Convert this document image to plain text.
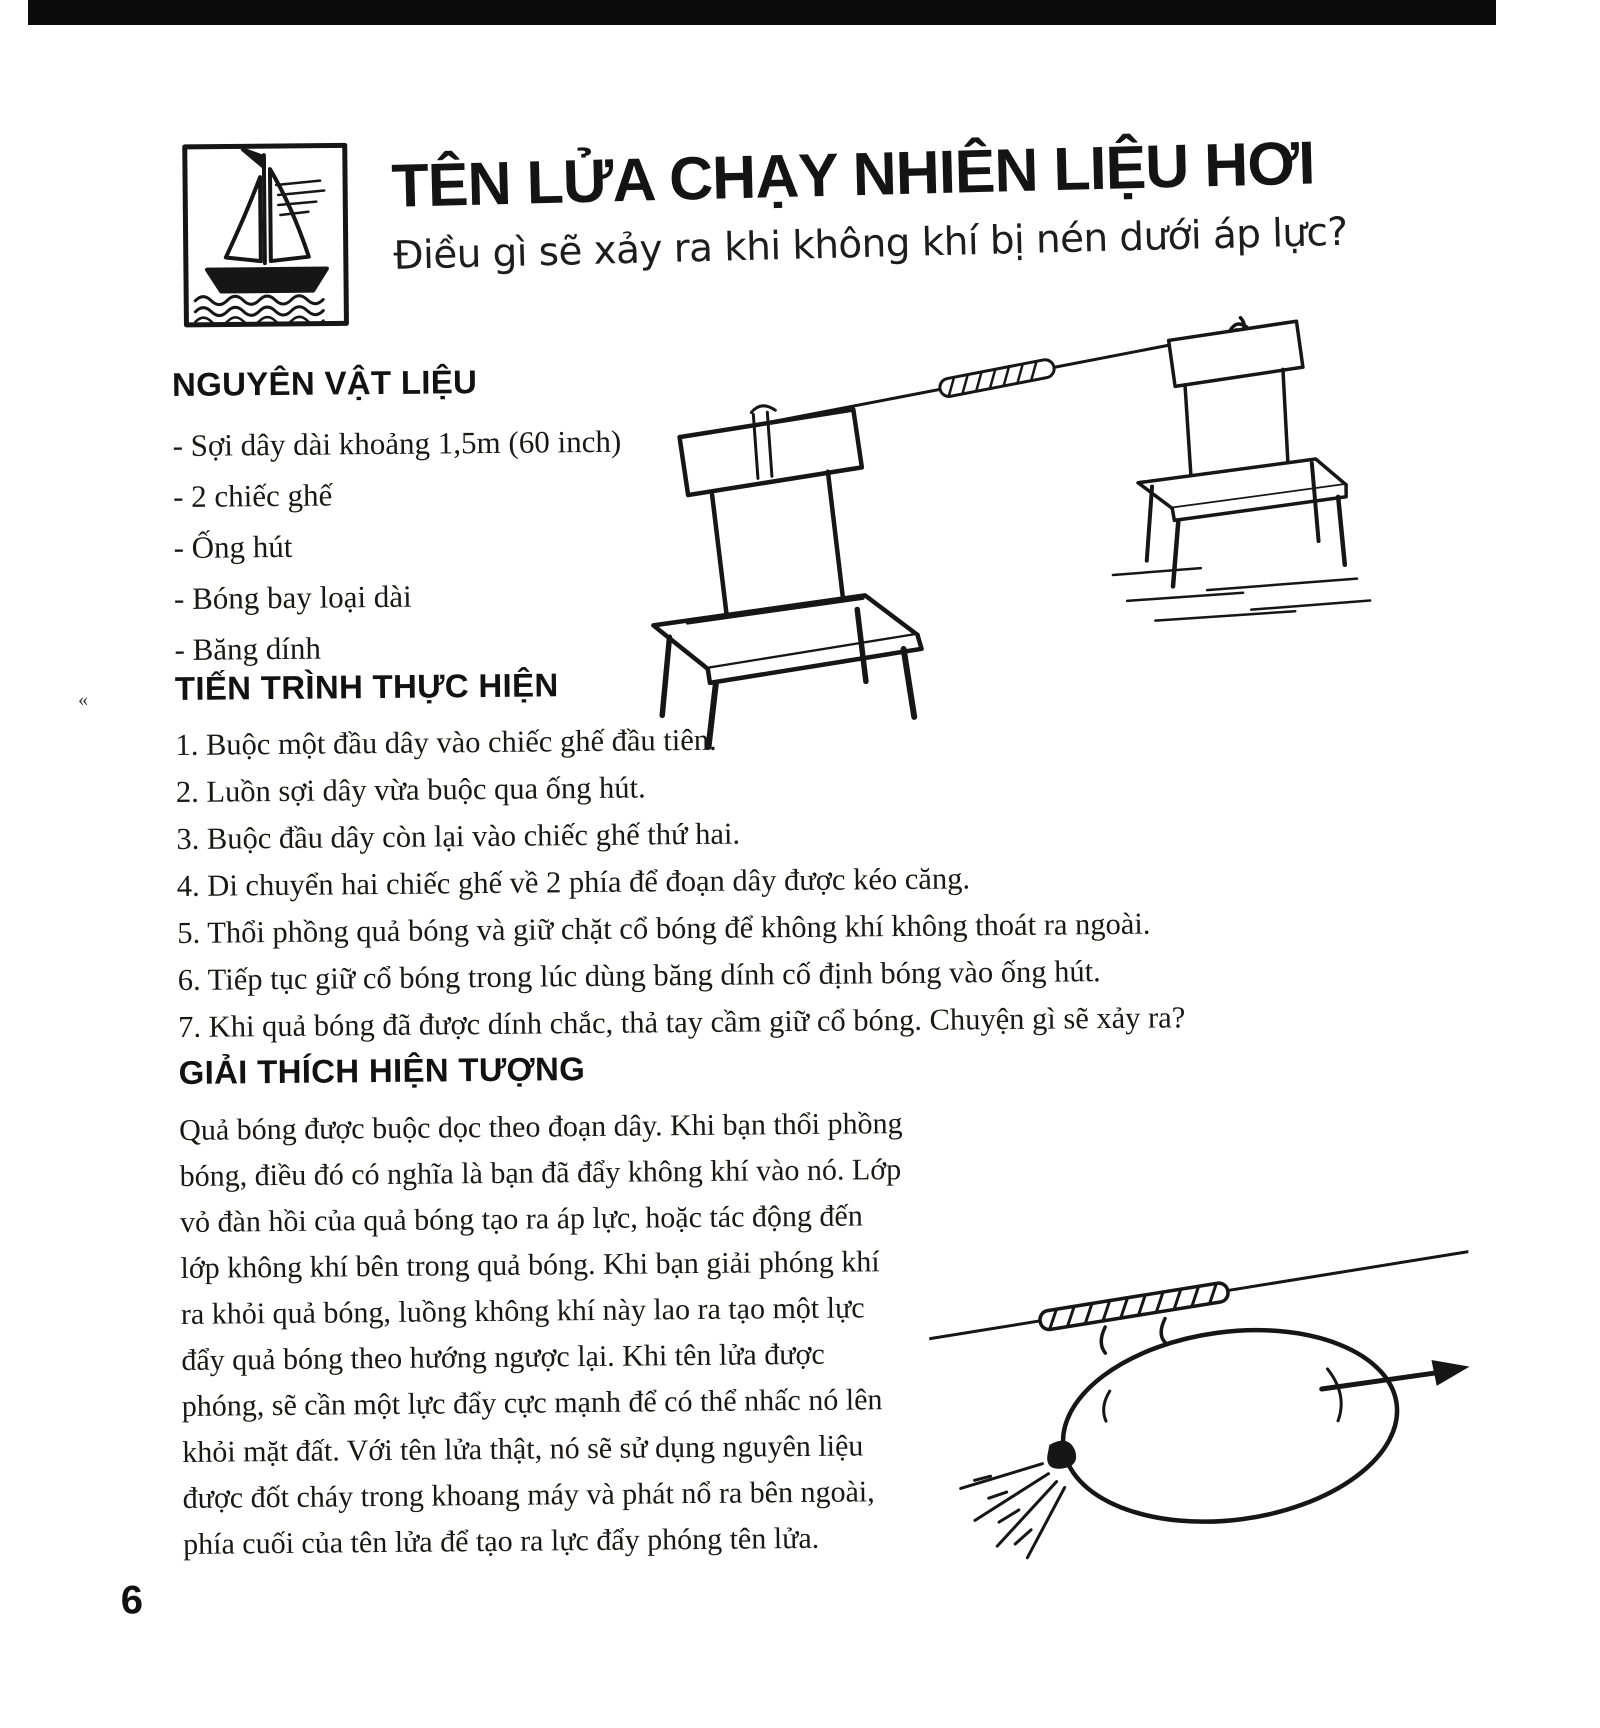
TÊN LỬA CHẠY NHIÊN LIỆU HƠI
Điều gì sẽ xảy ra khi không khí bị nén dưới áp lực?
NGUYÊN VẬT LIỆU
- Sợi dây dài khoảng 1,5m (60 inch)
- 2 chiếc ghế
- Ống hút
- Bóng bay loại dài
- Băng dính
«	TIẾN TRÌNH THỰC HIỆN
1. Buộc một đầu dây vào chiếc ghế đầu tiên.
2. Luồn sợi dây vừa buộc qua ống hút.
3. Buộc đầu dây còn lại vào chiếc ghế thứ hai.
4. Di chuyển hai chiếc ghế về 2 phía để đoạn dây được kéo căng.
5. Thổi phồng quả bóng và giữ chặt cổ bóng để không khí không thoát ra ngoài.
6. Tiếp tục giữ cổ bóng trong lúc dùng băng dính cố định bóng vào ống hút.
7. Khi quả bóng đã được dính chắc, thả tay cầm giữ cổ bóng. Chuyện gì sẽ xảy ra?
GIẢI THÍCH HIỆN TƯỢNG

Quả bóng được buộc dọc theo đoạn dây. Khi bạn thổi phồng bóng, điều đó có nghĩa là bạn đã đẩy không khí vào nó. Lớp vỏ đàn hồi của quả bóng tạo ra áp lực, hoặc tác động đến lớp không khí bên trong quả bóng. Khi bạn giải phóng khí ra khỏi quả bóng, luồng không khí này lao ra tạo một lực đẩy quả bóng theo hướng ngược lại. Khi tên lửa được phóng, sẽ cần một lực đẩy cực mạnh để có thể nhấc nó lên khỏi mặt đất. Với tên lửa thật, nó sẽ sử dụng nguyên liệu được đốt cháy trong khoang máy và phát nổ ra bên ngoài, phía cuối của tên lửa để tạo ra lực đẩy phóng tên lửa.

6
